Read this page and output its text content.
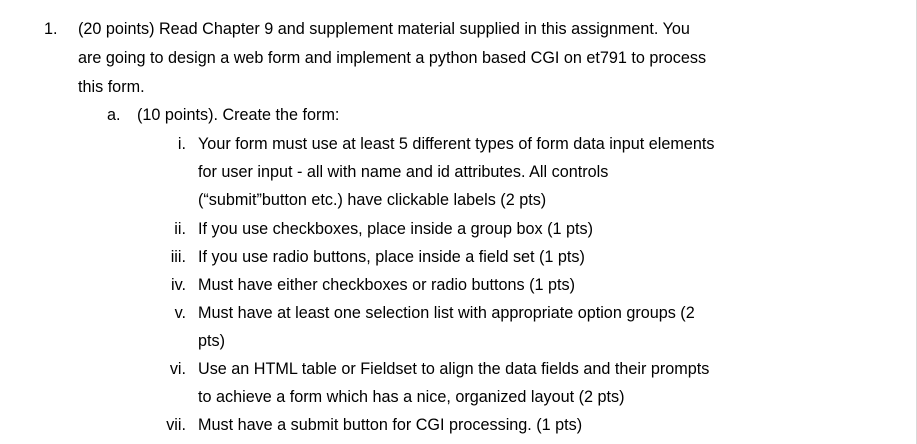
1.	(20 points) Read Chapter 9 and supplement material supplied in this assignment. You
are going to design a web form and implement a python based CGI on et791 to process
this form.
a.	(10 points). Create the form:
i. Your form must use at least 5 different types of form data input elements
for user input - all with name and id attributes. All controls
(“submit”button etc.) have clickable labels (2 pts)
ii. If you use checkboxes, place inside a group box (1 pts)
iii. If you use radio buttons, place inside a field set (1 pts)
iv. Must have either checkboxes or radio buttons (1 pts)
v. Must have at least one selection list with appropriate option groups (2
pts)
vi. Use an HTML table or Fieldset to align the data fields and their prompts
to achieve a form which has a nice, organized layout (2 pts)
vii. Must have a submit button for CGI processing. (1 pts)
